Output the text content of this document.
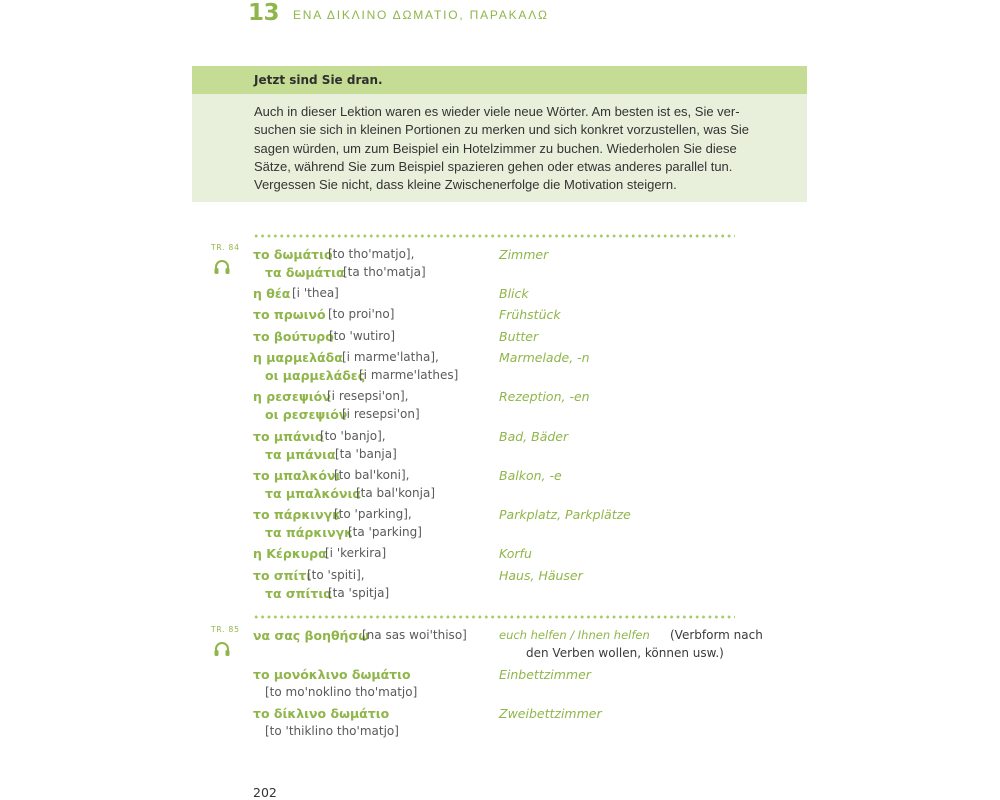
13 ΕΝΑ ΔΙΚΛΙΝΟ ΔΩΜΑΤΙΟ, ΠΑΡΑΚΑΛΩ
Jetzt sind Sie dran.
Auch in dieser Lektion waren es wieder viele neue Wörter. Am besten ist es, Sie ver-
suchen sie sich in kleinen Portionen zu merken und sich konkret vorzustellen, was Sie
sagen würden, um zum Beispiel ein Hotelzimmer zu buchen. Wiederholen Sie diese
Sätze, während Sie zum Beispiel spazieren gehen oder etwas anderes parallel tun.
Vergessen Sie nicht, dass kleine Zwischenerfolge die Motivation steigern.
TR. 84 το δωμάτιο
[to tho'matjo],	Zimmer
τα δωμάτια
[ta tho'matja]
η θέα [i 'thea]	Blick
το πρωινό [to proi'no]	Frühstück
το βούτυρο
[to 'wutiro]	Butter
η μαρμελάδα [i marme'latha],	Marmelade, -n
οι μαρμελάδες
[i marme'lathes]
η ρεσεψιόν
[i resepsi'on],	Rezeption, -en
οι ρεσεψιόν
[i resepsi'on]
το μπάνιο
[to 'banjo],	Bad, Bäder
τα μπάνια [ta 'banja]
το μπαλκόνι
[to bal'koni],	Balkon, -e
τα μπαλκόνια
[ta bal'konja]
το πάρκινγκ
[to 'parking],	Parkplatz, Parkplätze
τα πάρκινγκ
[ta 'parking]
η Κέρκυρα
[i 'kerkira]	Korfu
το σπίτι
[to 'spiti],	Haus, Häuser
τα σπίτια
[ta 'spitja]
TR. 85 να σας βοηθήσω
[na sas woi'thiso]	euch helfen / Ihnen helfen (Verbform nach
den Verben wollen, können usw.)
το μονόκλινο δωμάτιο	Einbettzimmer
[to mo'noklino tho'matjo]
το δίκλινο δωμάτιο	Zweibettzimmer
[to 'thiklino tho'matjo]
202
